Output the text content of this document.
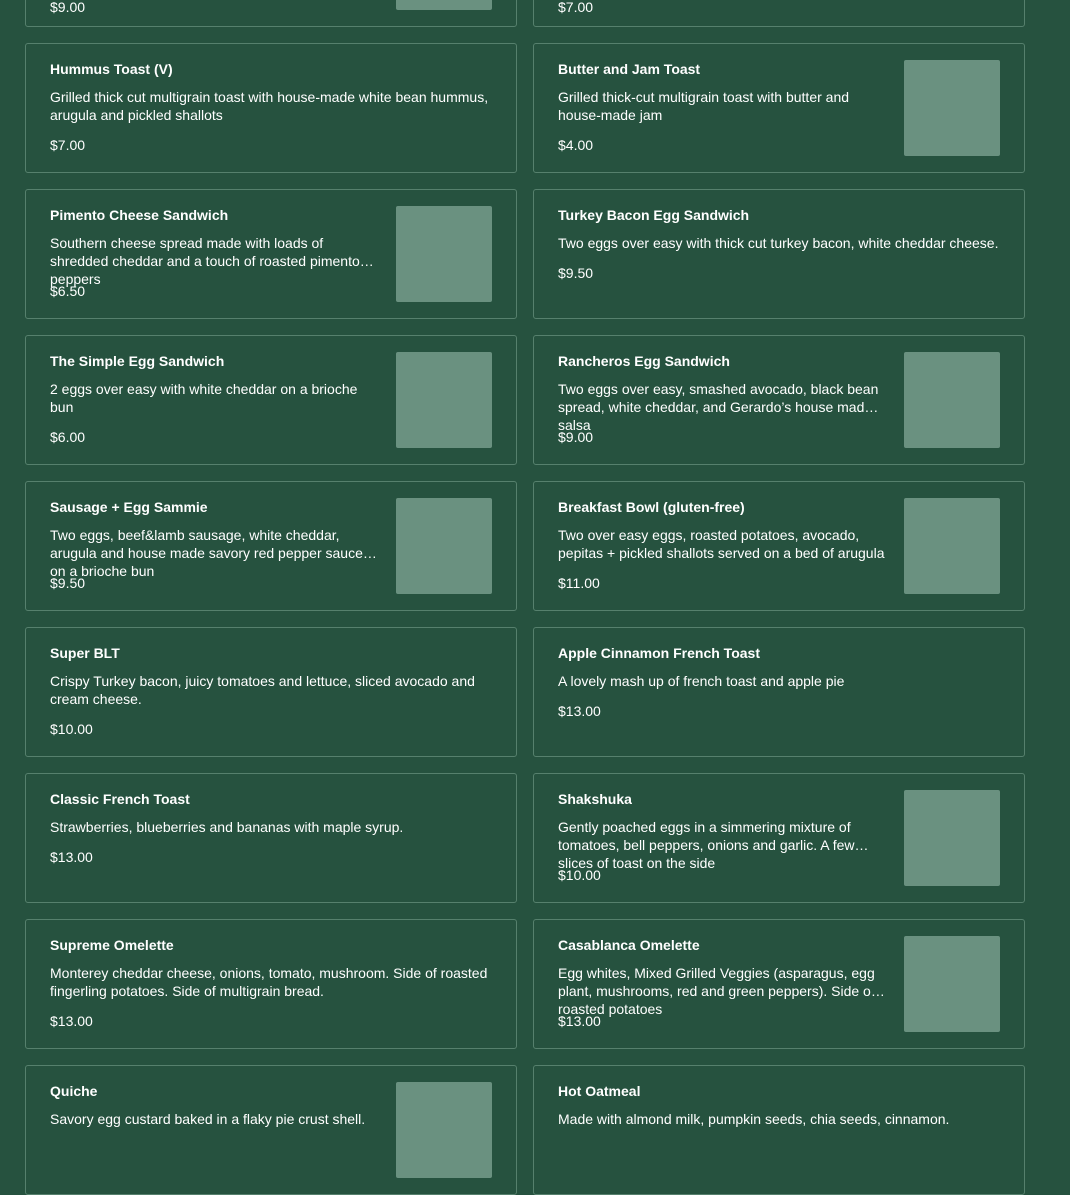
$9.00	$7.00
Hummus Toast (V)
Grilled thick cut multigrain toast with house-made white bean hummus, arugula and pickled shallots
$7.00
Butter and Jam Toast
Grilled thick-cut multigrain toast with butter and house-made jam
$4.00
Pimento Cheese Sandwich
Southern cheese spread made with loads of shredded cheddar and a touch of roasted pimento peppers
$6.50
Turkey Bacon Egg Sandwich
Two eggs over easy with thick cut turkey bacon, white cheddar cheese.
$9.50
The Simple Egg Sandwich
2 eggs over easy with white cheddar on a brioche bun
$6.00
Rancheros Egg Sandwich
Two eggs over easy, smashed avocado, black bean spread, white cheddar, and Gerardo’s house made salsa
$9.00
Sausage + Egg Sammie
Two eggs, beef&lamb sausage, white cheddar, arugula and house made savory red pepper sauce on a brioche bun
$9.50
Breakfast Bowl (gluten-free)
Two over easy eggs, roasted potatoes, avocado, pepitas + pickled shallots served on a bed of arugula
$11.00
Super BLT
Crispy Turkey bacon, juicy tomatoes and lettuce, sliced avocado and cream cheese.
$10.00
Apple Cinnamon French Toast
A lovely mash up of french toast and apple pie
$13.00
Classic French Toast
Strawberries, blueberries and bananas with maple syrup.
$13.00
Shakshuka
Gently poached eggs in a simmering mixture of tomatoes, bell peppers, onions and garlic. A few slices of toast on the side
$10.00
Supreme Omelette
Monterey cheddar cheese, onions, tomato, mushroom. Side of roasted fingerling potatoes. Side of multigrain bread.
$13.00
Casablanca Omelette
Egg whites, Mixed Grilled Veggies (asparagus, egg plant, mushrooms, red and green peppers). Side of roasted potatoes
$13.00
Quiche
Savory egg custard baked in a flaky pie crust shell.
Hot Oatmeal
Made with almond milk, pumpkin seeds, chia seeds, cinnamon.
